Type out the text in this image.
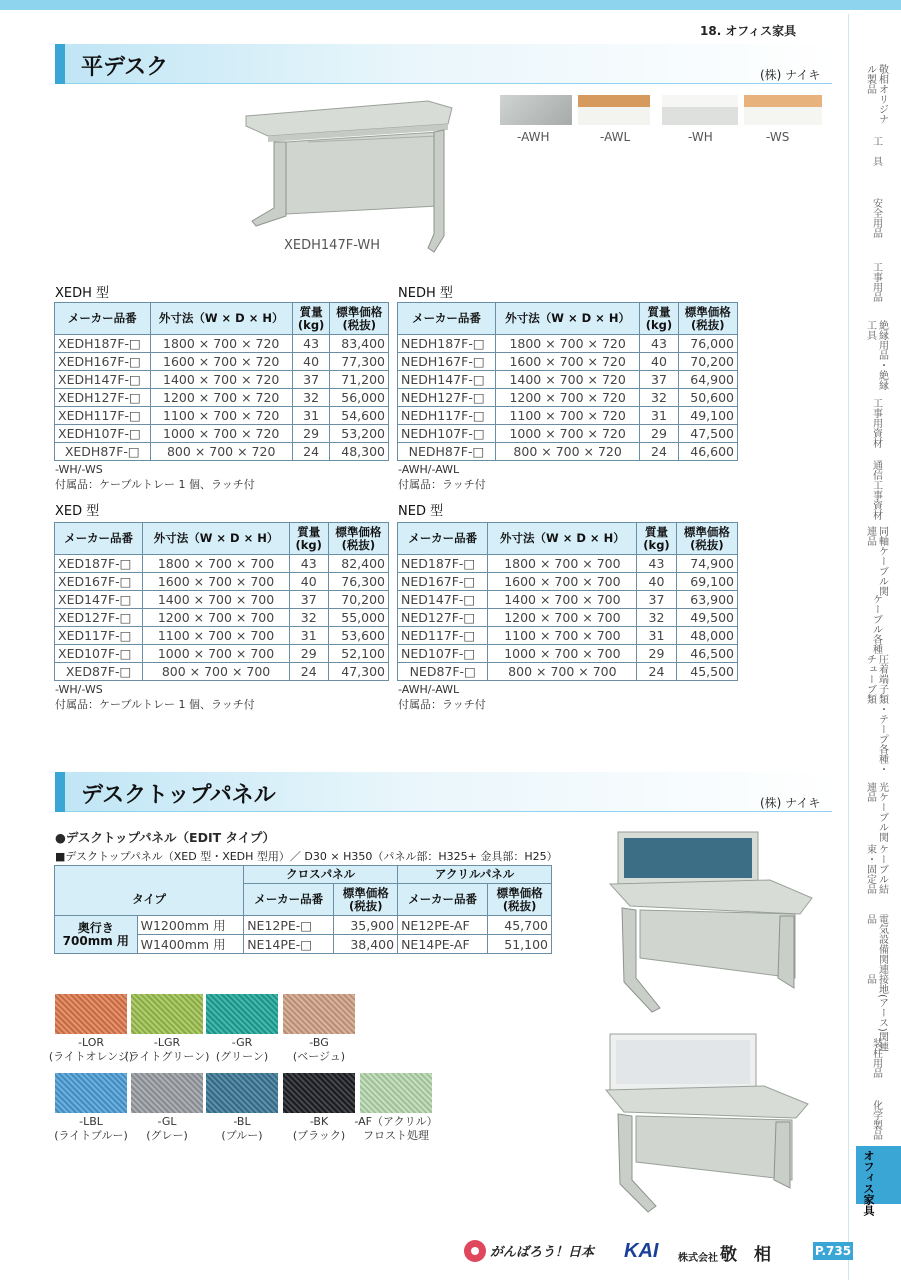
18. オフィス家具
敬相オリジナル製品
工　具
安全用品
工事用品
絶縁用品・絶縁工具
工事用資材
通信工事資材
同軸ケーブル関連品
ケーブル各種
圧着端子類・テープ各種・チューブ類
光ケーブル関連品
ケーブル結束・固定品
電気設備関連品
接地(アース)関連品
装柱用品
化学製品
オフィス家具
平デスク	(株) ナイキ
XEDH147F-WH
-AWH	-AWL	-WH	-WS
XEDH 型	NEDH 型
XED 型	NED 型
メーカー品番	外寸法（W × D × H）	質量
(kg)	標準価格
(税抜)
XEDH187F-□	1800 × 700 × 720	43	83,400
XEDH167F-□	1600 × 700 × 720	40	77,300
XEDH147F-□	1400 × 700 × 720	37	71,200
XEDH127F-□	1200 × 700 × 720	32	56,000
XEDH117F-□	1100 × 700 × 720	31	54,600
XEDH107F-□	1000 × 700 × 720	29	53,200
XEDH87F-□	800 × 700 × 720	24	48,300
メーカー品番	外寸法（W × D × H）	質量
(kg)	標準価格
(税抜)
NEDH187F-□	1800 × 700 × 720	43	76,000
NEDH167F-□	1600 × 700 × 720	40	70,200
NEDH147F-□	1400 × 700 × 720	37	64,900
NEDH127F-□	1200 × 700 × 720	32	50,600
NEDH117F-□	1100 × 700 × 720	31	49,100
NEDH107F-□	1000 × 700 × 720	29	47,500
NEDH87F-□	800 × 700 × 720	24	46,600
メーカー品番	外寸法（W × D × H）	質量
(kg)	標準価格
(税抜)
XED187F-□	1800 × 700 × 700	43	82,400
XED167F-□	1600 × 700 × 700	40	76,300
XED147F-□	1400 × 700 × 700	37	70,200
XED127F-□	1200 × 700 × 700	32	55,000
XED117F-□	1100 × 700 × 700	31	53,600
XED107F-□	1000 × 700 × 700	29	52,100
XED87F-□	800 × 700 × 700	24	47,300
メーカー品番	外寸法（W × D × H）	質量
(kg)	標準価格
(税抜)
NED187F-□	1800 × 700 × 700	43	74,900
NED167F-□	1600 × 700 × 700	40	69,100
NED147F-□	1400 × 700 × 700	37	63,900
NED127F-□	1200 × 700 × 700	32	49,500
NED117F-□	1100 × 700 × 700	31	48,000
NED107F-□	1000 × 700 × 700	29	46,500
NED87F-□	800 × 700 × 700	24	45,500
-WH/-WS
付属品：ケーブルトレー 1 個、ラッチ付
-AWH/-AWL
付属品：ラッチ付
-WH/-WS
付属品：ケーブルトレー 1 個、ラッチ付
-AWH/-AWL
付属品：ラッチ付
デスクトップパネル	(株) ナイキ
●デスクトップパネル（EDIT タイプ）
■デスクトップパネル（XED 型・XEDH 型用）／ D30 × H350（パネル部：H325+ 金具部：H25）
		クロスパネル		アクリルパネル	
タイプ		メーカー品番	標準価格
(税抜)	メーカー品番	標準価格
(税抜)
奥行き
700mm 用	W1200mm 用	NE12PE-□	35,900	NE12PE-AF	45,700
	W1400mm 用	NE14PE-□	38,400	NE14PE-AF	51,100
-LOR
(ライトオレンジ)
-LGR
(ライトグリーン)
-GR
(グリーン)
-BG
(ベージュ)
-LBL
(ライトブルー)
-GL
(グレー)
-BL
(ブルー)
-BK
(ブラック)
-AF（アクリル）
フロスト処理
がんばろう！日本 KAI 株式会社 敬　相	P.735
